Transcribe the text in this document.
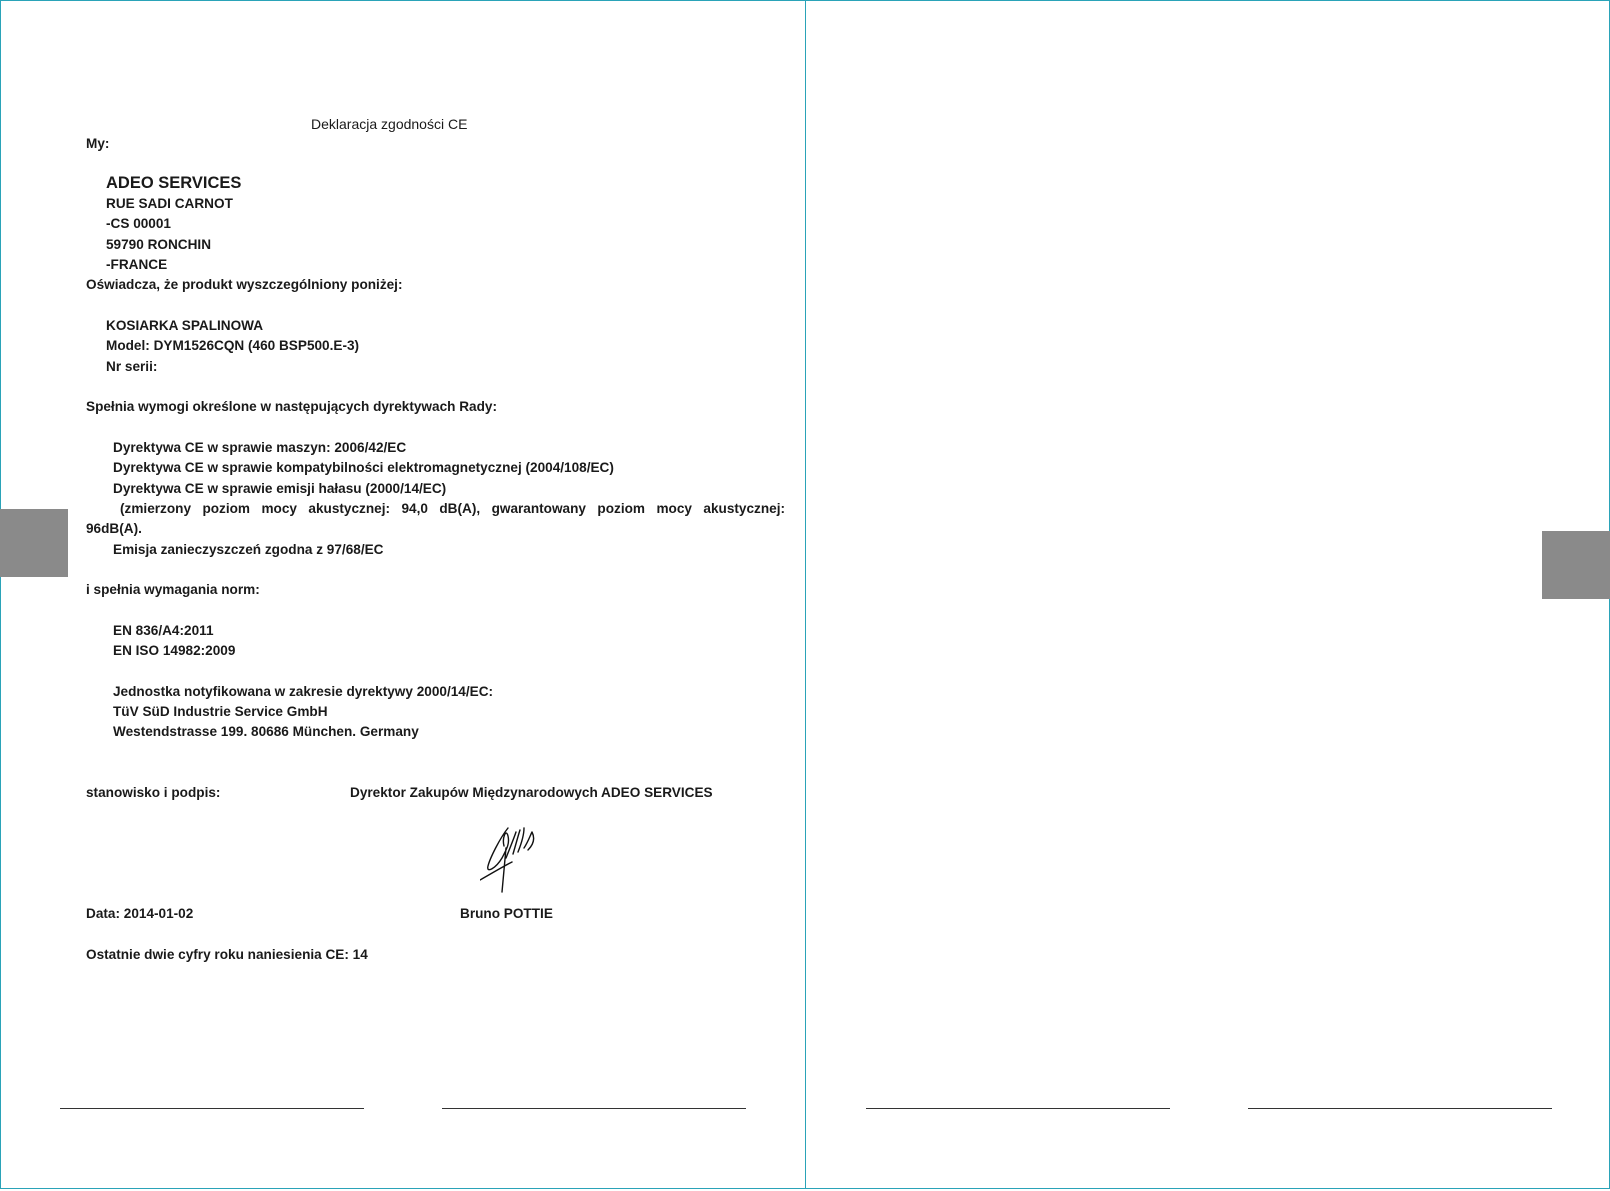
Deklaracja zgodności CE
My:
ADEO SERVICES
RUE SADI CARNOT
-CS 00001
59790 RONCHIN
-FRANCE
Oświadcza, że produkt wyszczególniony poniżej:
KOSIARKA SPALINOWA
Model: DYM1526CQN (460 BSP500.E-3)
Nr serii:
Spełnia wymogi określone w następujących dyrektywach Rady:
Dyrektywa CE w sprawie maszyn: 2006/42/EC
Dyrektywa CE w sprawie kompatybilności elektromagnetycznej (2004/108/EC)
Dyrektywa CE w sprawie emisji hałasu (2000/14/EC)
(zmierzony poziom mocy akustycznej: 94,0 dB(A), gwarantowany poziom mocy akustycznej:
96dB(A).
Emisja zanieczyszczeń zgodna z 97/68/EC
i spełnia wymagania norm:
EN 836/A4:2011
EN ISO 14982:2009
Jednostka notyfikowana w zakresie dyrektywy 2000/14/EC:
TüV SüD Industrie Service GmbH
Westendstrasse 199. 80686 München. Germany
stanowisko i podpis:	Dyrektor Zakupów Międzynarodowych ADEO SERVICES
Data: 2014-01-02	Bruno POTTIE
Ostatnie dwie cyfry roku naniesienia CE: 14
